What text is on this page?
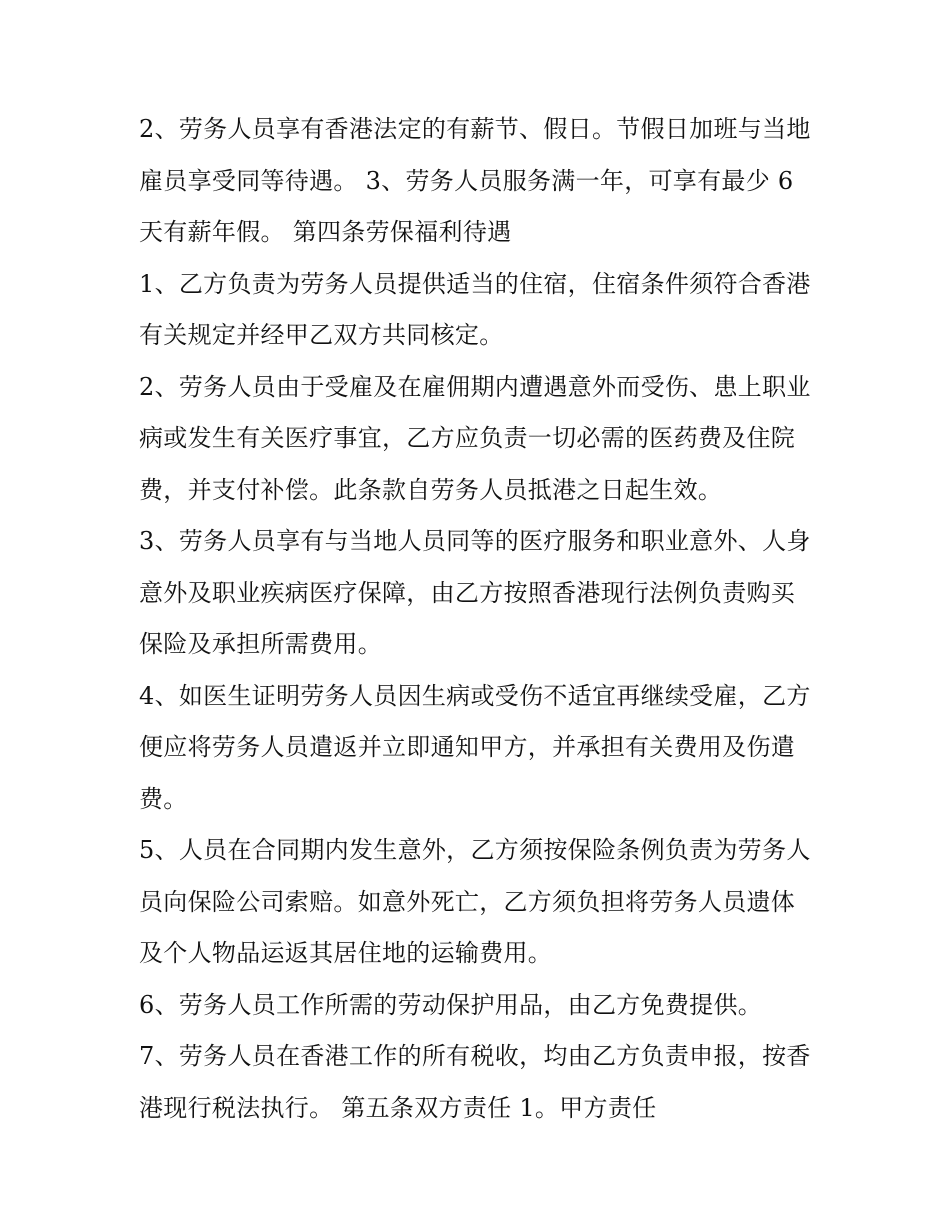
2、劳务人员享有香港法定的有薪节、假日。节假日加班与当地雇员享受同等待遇。 3、劳务人员服务满一年，可享有最少 6 天有薪年假。 第四条劳保福利待遇

1、乙方负责为劳务人员提供适当的住宿，住宿条件须符合香港有关规定并经甲乙双方共同核定。

2、劳务人员由于受雇及在雇佣期内遭遇意外而受伤、患上职业病或发生有关医疗事宜，乙方应负责一切必需的医药费及住院费，并支付补偿。此条款自劳务人员抵港之日起生效。

3、劳务人员享有与当地人员同等的医疗服务和职业意外、人身意外及职业疾病医疗保障，由乙方按照香港现行法例负责购买保险及承担所需费用。

4、如医生证明劳务人员因生病或受伤不适宜再继续受雇，乙方便应将劳务人员遣返并立即通知甲方，并承担有关费用及伤遣费。

5、人员在合同期内发生意外，乙方须按保险条例负责为劳务人员向保险公司索赔。如意外死亡，乙方须负担将劳务人员遗体及个人物品运返其居住地的运输费用。

6、劳务人员工作所需的劳动保护用品，由乙方免费提供。

7、劳务人员在香港工作的所有税收，均由乙方负责申报，按香港现行税法执行。 第五条双方责任 1。甲方责任
